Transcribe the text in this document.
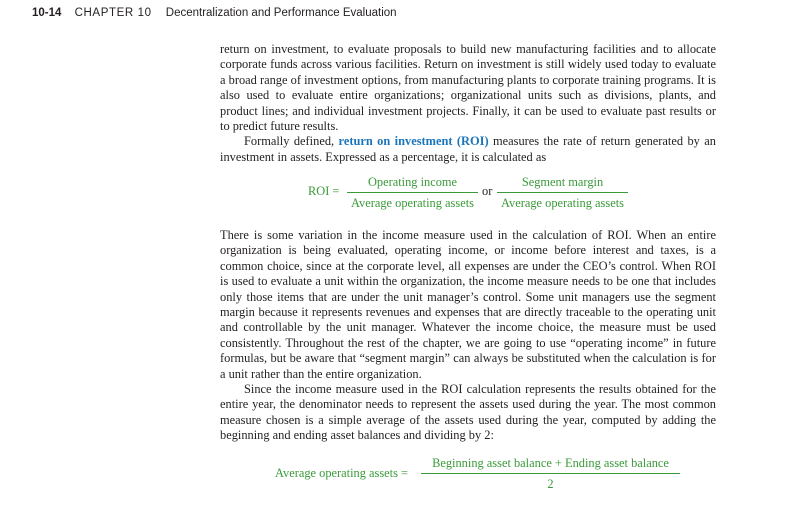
10-14 CHAPTER 10 Decentralization and Performance Evaluation

return on investment, to evaluate proposals to build new manufacturing facilities and to allocate corporate funds across various facilities. Return on investment is still widely used today to evaluate a broad range of investment options, from manufacturing plants to corporate training programs. It is also used to evaluate entire organizations; organizational units such as divisions, plants, and product lines; and individual investment projects. Finally, it can be used to evaluate past results or to predict future results.

Formally defined, return on investment (ROI) measures the rate of return generated by an investment in assets. Expressed as a percentage, it is calculated as

ROI =
Operating income
Average operating assets
or
Segment margin
Average operating assets

There is some variation in the income measure used in the calculation of ROI. When an entire organization is being evaluated, operating income, or income before interest and taxes, is a common choice, since at the corporate level, all expenses are under the CEO’s control. When ROI is used to evaluate a unit within the organization, the income measure needs to be one that includes only those items that are under the unit manager’s control. Some unit managers use the segment margin because it represents revenues and expenses that are directly traceable to the operating unit and controllable by the unit manager. Whatever the income choice, the measure must be used consistently. Throughout the rest of the chapter, we are going to use “operating income” in future formulas, but be aware that “segment margin” can always be substituted when the calculation is for a unit rather than the entire organization.

Since the income measure used in the ROI calculation represents the results obtained for the entire year, the denominator needs to represent the assets used during the year. The most common measure chosen is a simple average of the assets used during the year, computed by adding the beginning and ending asset balances and dividing by 2:

Average operating assets =
Beginning asset balance + Ending asset balance
2
